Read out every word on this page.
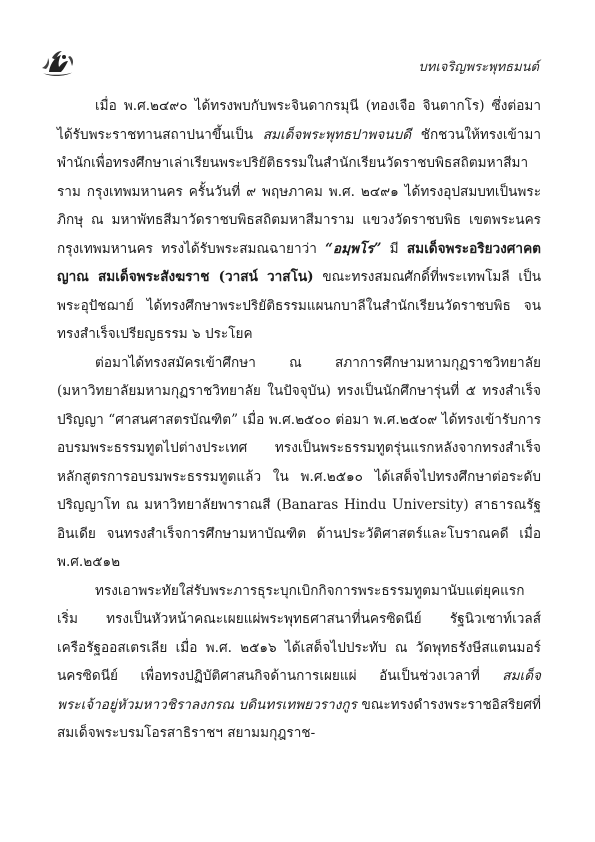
บทเจริญพระพุทธมนต์

เมื่อ พ.ศ.๒๔๙๐ ได้ทรงพบกับพระจินดากรมุนี (ทองเจือ จินตากโร) ซึ่งต่อมาได้รับพระราชทานสถาปนาขึ้นเป็น สมเด็จพระพุทธปาพจนบดี ชักชวนให้ทรงเข้ามาพำนักเพื่อทรงศึกษาเล่าเรียนพระปริยัติธรรมในสำนักเรียนวัดราชบพิธสถิตมหาสีมาราม กรุงเทพมหานคร ครั้นวันที่ ๙ พฤษภาคม พ.ศ. ๒๔๙๑ ได้ทรงอุปสมบทเป็นพระภิกษุ ณ มหาพัทธสีมาวัดราชบพิธสถิตมหาสีมาราม แขวงวัดราชบพิธ เขตพระนคร กรุงเทพมหานคร ทรงได้รับพระสมณฉายาว่า “อมฺพโร” มี สมเด็จพระอริยวงศาคตญาณ สมเด็จพระสังฆราช (วาสน์ วาสโน) ขณะทรงสมณศักดิ์ที่พระเทพโมลี เป็นพระอุปัชฌาย์ ได้ทรงศึกษาพระปริยัติธรรมแผนกบาลีในสำนักเรียนวัดราชบพิธ จนทรงสำเร็จเปรียญธรรม ๖ ประโยค

ต่อมาได้ทรงสมัครเข้าศึกษา ณ สภาการศึกษามหามกุฏราชวิทยาลัย (มหาวิทยาลัยมหามกุฏราชวิทยาลัย ในปัจจุบัน) ทรงเป็นนักศึกษารุ่นที่ ๕ ทรงสำเร็จปริญญา “ศาสนศาสตรบัณฑิต” เมื่อ พ.ศ.๒๕๐๐ ต่อมา พ.ศ.๒๕๐๙ ได้ทรงเข้ารับการอบรมพระธรรมทูตไปต่างประเทศ ทรงเป็นพระธรรมทูตรุ่นแรกหลังจากทรงสำเร็จหลักสูตรการอบรมพระธรรมทูตแล้ว ใน พ.ศ.๒๕๑๐ ได้เสด็จไปทรงศึกษาต่อระดับปริญญาโท ณ มหาวิทยาลัยพาราณสี (Banaras Hindu University) สาธารณรัฐอินเดีย จนทรงสำเร็จการศึกษามหาบัณฑิต ด้านประวัติศาสตร์และโบราณคดี เมื่อ พ.ศ.๒๕๑๒

ทรงเอาพระทัยใส่รับพระภารธุระบุกเบิกกิจการพระธรรมทูตมานับแต่ยุคแรกเริ่ม ทรงเป็นหัวหน้าคณะเผยแผ่พระพุทธศาสนาที่นครซิดนีย์ รัฐนิวเซาท์เวลส์ เครือรัฐออสเตรเลีย เมื่อ พ.ศ. ๒๕๑๖ ได้เสด็จไปประทับ ณ วัดพุทธรังษีสแตนมอร์ นครซิดนีย์ เพื่อทรงปฏิบัติศาสนกิจด้านการเผยแผ่ อันเป็นช่วงเวลาที่ สมเด็จพระเจ้าอยู่หัวมหาวชิราลงกรณ บดินทรเทพยวรางกูร ขณะทรงดำรงพระราชอิสริยศที่ สมเด็จพระบรมโอรสาธิราชฯ สยามมกุฎราช-
